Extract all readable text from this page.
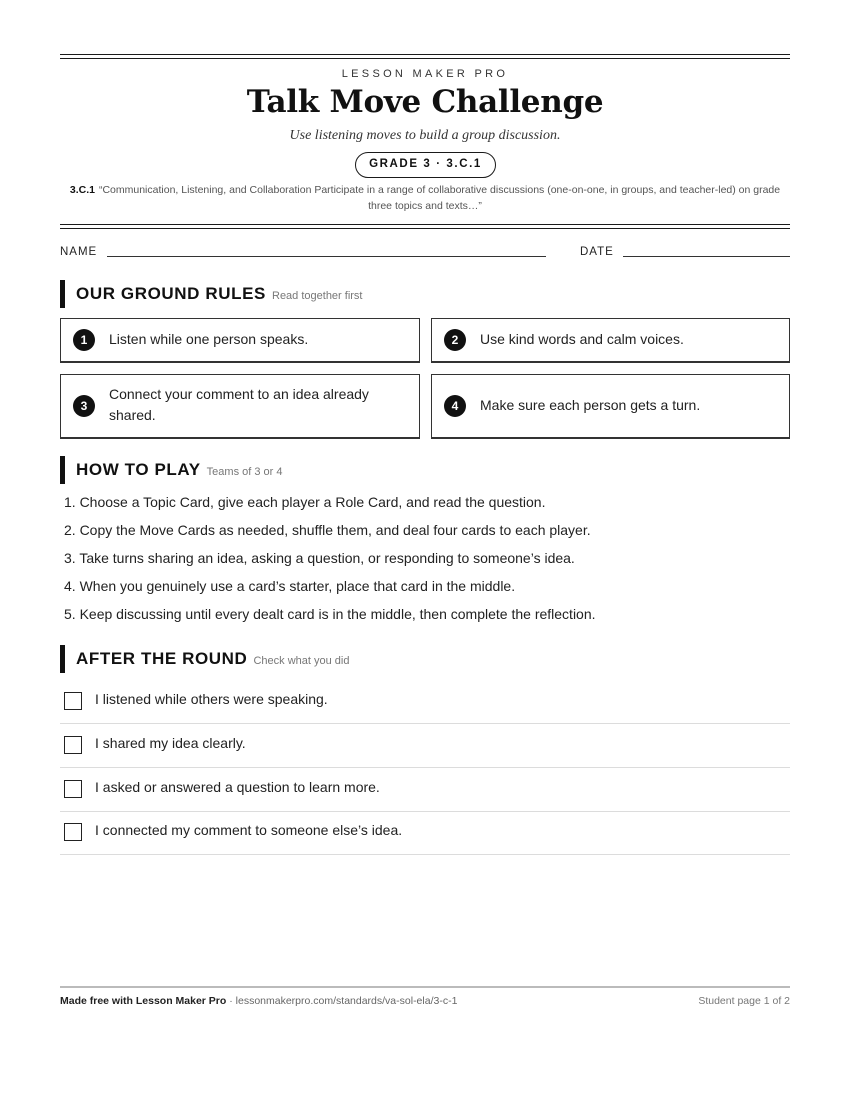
LESSON MAKER PRO
Talk Move Challenge
Use listening moves to build a group discussion.
GRADE 3 · 3.C.1
3.C.1 “Communication, Listening, and Collaboration Participate in a range of collaborative discussions (one-on-one, in groups, and teacher-led) on grade three topics and texts…”
NAME	DATE
OUR GROUND RULES Read together first
1	Listen while one person speaks.	2	Use kind words and calm voices.
3
Connect your comment to an idea already shared.
4	Make sure each person gets a turn.
HOW TO PLAY Teams of 3 or 4
1. Choose a Topic Card, give each player a Role Card, and read the question.
2. Copy the Move Cards as needed, shuffle them, and deal four cards to each player.
3. Take turns sharing an idea, asking a question, or responding to someone’s idea.
4. When you genuinely use a card’s starter, place that card in the middle.
5. Keep discussing until every dealt card is in the middle, then complete the reflection.
AFTER THE ROUND Check what you did
I listened while others were speaking.
I shared my idea clearly.
I asked or answered a question to learn more.
I connected my comment to someone else’s idea.
Made free with Lesson Maker Pro · lessonmakerpro.com/standards/va-sol-ela/3-c-1	Student page 1 of 2
